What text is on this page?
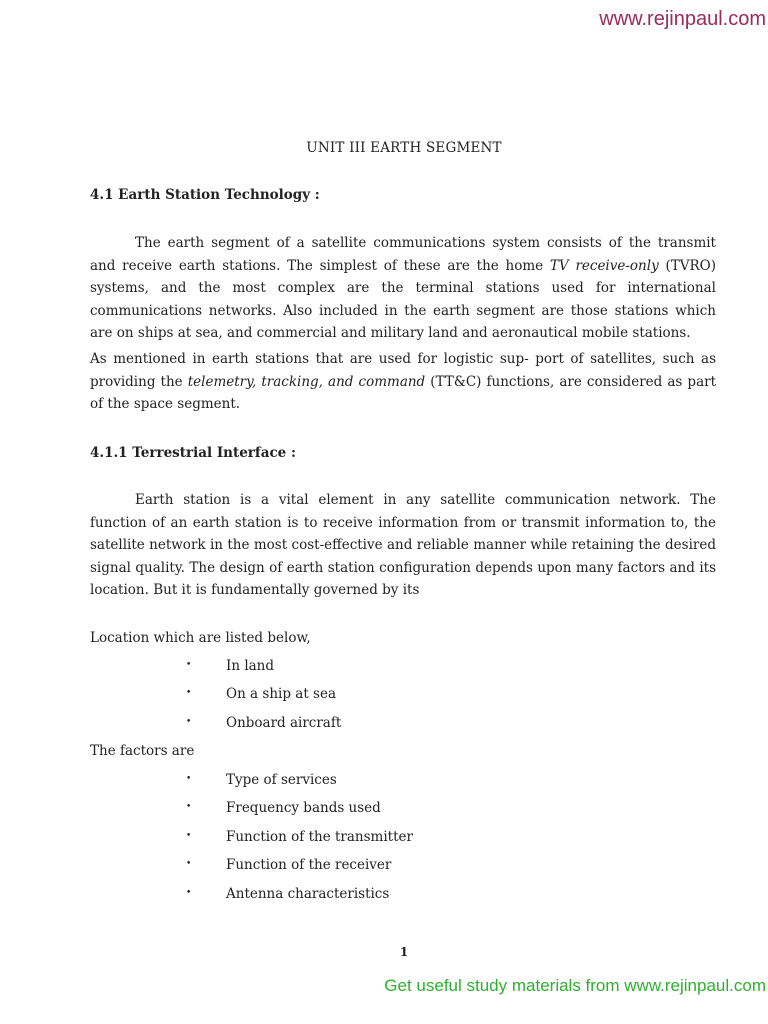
www.rejinpaul.com
UNIT III EARTH SEGMENT
4.1 Earth Station Technology :

The earth segment of a satellite communications system consists of the transmit and receive earth stations. The simplest of these are the home TV receive-only (TVRO) systems, and the most complex are the terminal stations used for international communications networks. Also included in the earth segment are those stations which are on ships at sea, and commercial and military land and aeronautical mobile stations.

As mentioned in earth stations that are used for logistic sup- port of satellites, such as providing the telemetry, tracking, and command (TT&C) functions, are considered as part of the space segment.

4.1.1 Terrestrial Interface :

Earth station is a vital element in any satellite communication network. The function of an earth station is to receive information from or transmit information to, the satellite network in the most cost-effective and reliable manner while retaining the desired signal quality. The design of earth station configuration depends upon many factors and its location. But it is fundamentally governed by its

Location which are listed below,
•	In land
•	On a ship at sea
•	Onboard aircraft
The factors are
•	Type of services
•	Frequency bands used
•	Function of the transmitter
•	Function of the receiver
•	Antenna characteristics
1
Get useful study materials from www.rejinpaul.com
